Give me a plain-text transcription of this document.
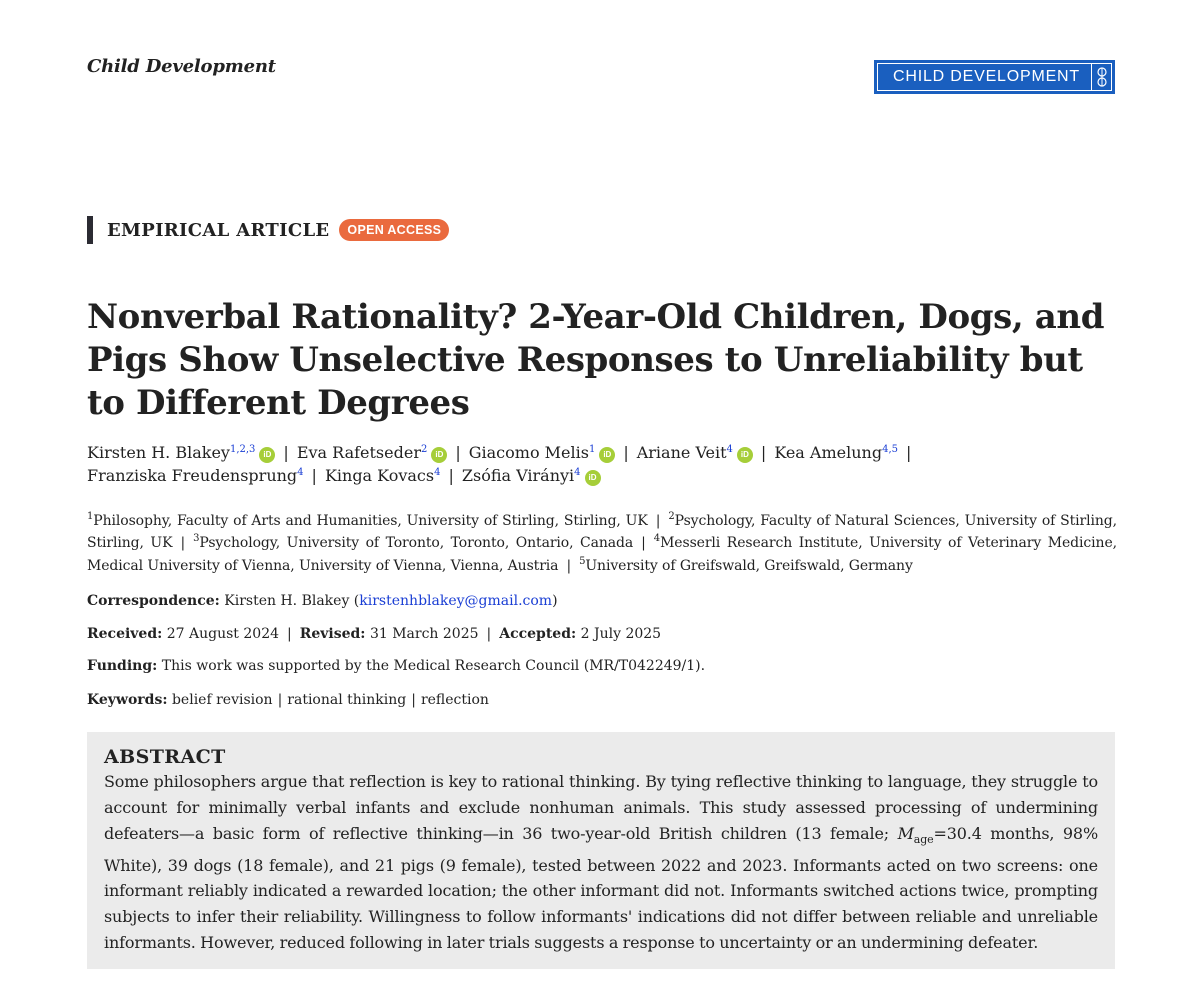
Child Development	CHILD DEVELOPMENT
EMPIRICAL ARTICLE	OPEN ACCESS
Nonverbal Rationality? 2-Year-Old Children, Dogs, and Pigs Show Unselective Responses to Unreliability but to Different Degrees
Kirsten H. Blakey$^{1,2,3}$ iD | Eva Rafetseder$^2$ iD | Giacomo Melis$^1$ iD | Ariane Veit$^4$ iD | Kea Amelung$^{4,5}$ |
Franziska Freudensprung$^4$ | Kinga Kovacs$^4$ | Zsófia Virányi$^4$ iD
$^1$Philosophy, Faculty of Arts and Humanities, University of Stirling, Stirling, UK | $^2$Psychology, Faculty of Natural Sciences, University of Stirling, Stirling, UK | $^3$Psychology, University of Toronto, Toronto, Ontario, Canada | $^4$Messerli Research Institute, University of Veterinary Medicine, Medical University of Vienna, University of Vienna, Vienna, Austria | $^5$University of Greifswald, Greifswald, Germany
Correspondence: Kirsten H. Blakey (kirstenhblakey@gmail.com)
Received: 27 August 2024 | Revised: 31 March 2025 | Accepted: 2 July 2025
Funding: This work was supported by the Medical Research Council (MR/T042249/1).
Keywords: belief revision | rational thinking | reflection
ABSTRACT
Some philosophers argue that reflection is key to rational thinking. By tying reflective thinking to language, they struggle to account for minimally verbal infants and exclude nonhuman animals. This study assessed processing of undermining defeaters—a basic form of reflective thinking—in 36 two-year-old British children (13 female; $M_{age}=30.4$ months, 98% White), 39 dogs (18 female), and 21 pigs (9 female), tested between 2022 and 2023. Informants acted on two screens: one informant reliably indicated a rewarded location; the other informant did not. Informants switched actions twice, prompting subjects to infer their reliability. Willingness to follow informants' indications did not differ between reliable and unreliable informants. However, reduced following in later trials suggests a response to uncertainty or an undermining defeater.
